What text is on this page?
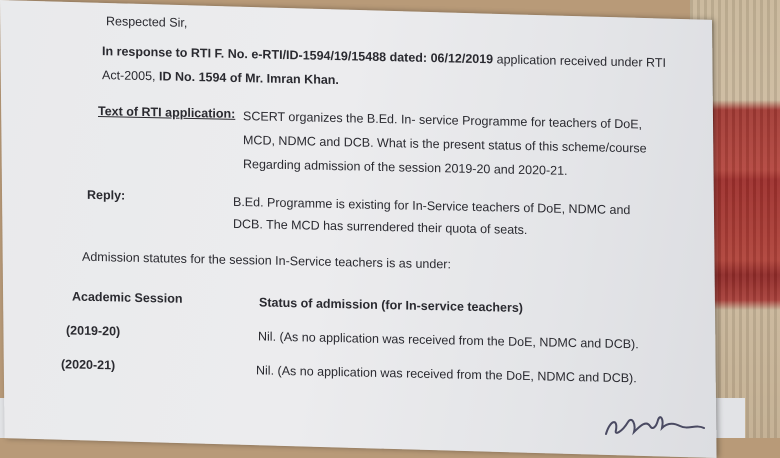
Respected Sir,
In response to RTI F. No. e-RTI/ID-1594/19/15488 dated: 06/12/2019 application received under RTI
Act-2005, ID No. 1594 of Mr. Imran Khan.
Text of RTI application: SCERT organizes the B.Ed. In- service Programme for teachers of DoE,
MCD, NDMC and DCB. What is the present status of this scheme/course
Regarding admission of the session 2019-20 and 2020-21.
Reply:	B.Ed. Programme is existing for In-Service teachers of DoE, NDMC and
DCB. The MCD has surrendered their quota of seats.
Admission statutes for the session In-Service teachers is as under:
Academic Session	Status of admission (for In-service teachers)
(2019-20)	Nil. (As no application was received from the DoE, NDMC and DCB).
(2020-21)	Nil. (As no application was received from the DoE, NDMC and DCB).
